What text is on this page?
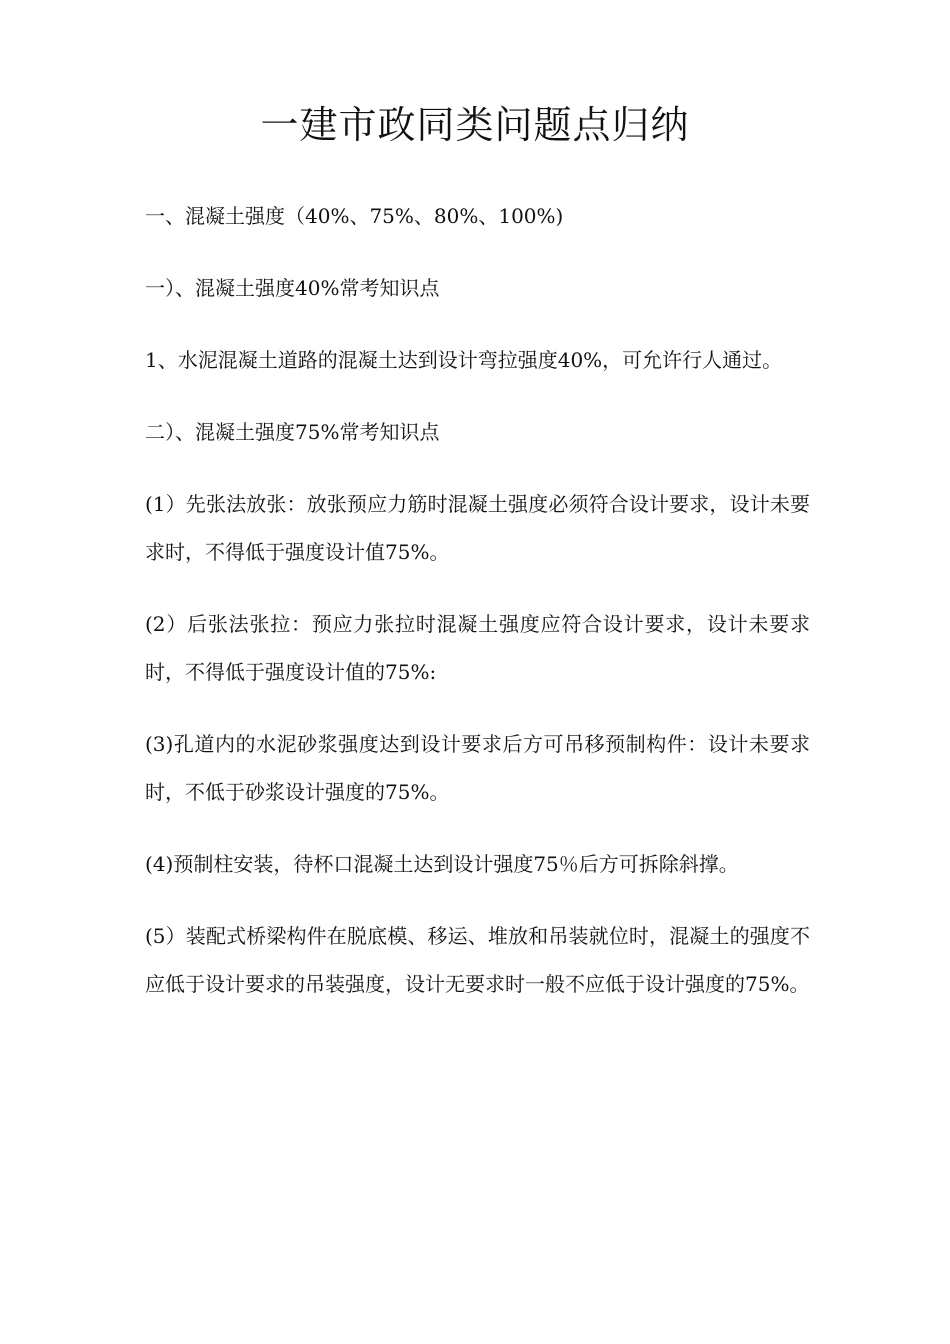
一建市政同类问题点归纳

一、混凝土强度（40%、75%、80%、100%)

一）、混凝土强度40%常考知识点

1、水泥混凝土道路的混凝土达到设计弯拉强度40%，可允许行人通过。

二）、混凝土强度75%常考知识点

(1）先张法放张：放张预应力筋时混凝土强度必须符合设计要求，设计未要求时，不得低于强度设计值75%。

(2）后张法张拉：预应力张拉时混凝土强度应符合设计要求，设计未要求时，不得低于强度设计值的75%:

(3)孔道内的水泥砂浆强度达到设计要求后方可吊移预制构件：设计未要求时，不低于砂浆设计强度的75%。

(4)预制柱安装，待杯口混凝土达到设计强度75％后方可拆除斜撑。

(5）装配式桥梁构件在脱底模、移运、堆放和吊装就位时，混凝土的强度不应低于设计要求的吊装强度，设计无要求时一般不应低于设计强度的75%。
